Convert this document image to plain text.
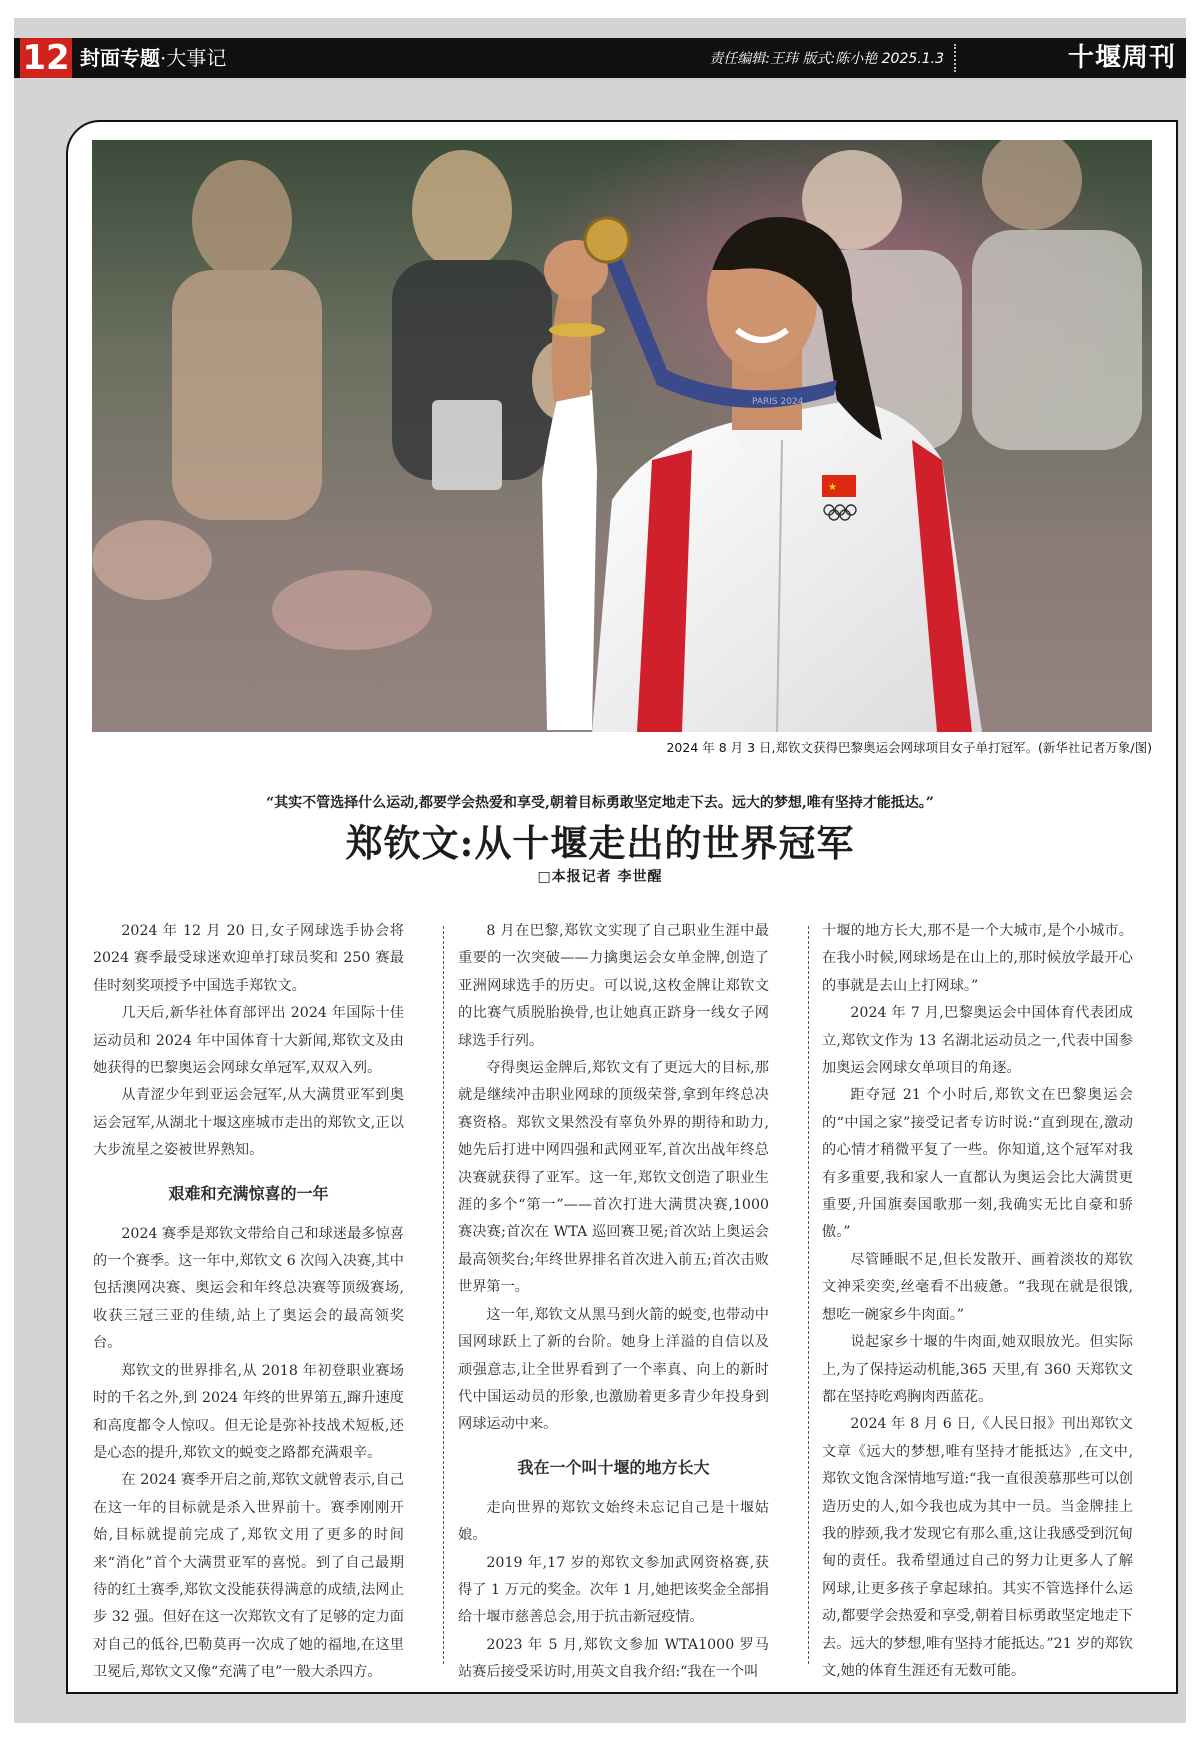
12 封面专题·大事记	责任编辑:王玮 版式:陈小艳 2025.1.3	十堰周刊
★
PARIS 2024
2024 年 8 月 3 日,郑钦文获得巴黎奥运会网球项目女子单打冠军。(新华社记者万象/图)
“其实不管选择什么运动,都要学会热爱和享受,朝着目标勇敢坚定地走下去。远大的梦想,唯有坚持才能抵达。”
郑钦文:从十堰走出的世界冠军
□本报记者 李世醒

2024 年 12 月 20 日,女子网球选手协会将 2024 赛季最受球迷欢迎单打球员奖和 250 赛最佳时刻奖项授予中国选手郑钦文。

几天后,新华社体育部评出 2024 年国际十佳运动员和 2024 年中国体育十大新闻,郑钦文及由她获得的巴黎奥运会网球女单冠军,双双入列。

从青涩少年到亚运会冠军,从大满贯亚军到奥运会冠军,从湖北十堰这座城市走出的郑钦文,正以大步流星之姿被世界熟知。

艰难和充满惊喜的一年

2024 赛季是郑钦文带给自己和球迷最多惊喜的一个赛季。这一年中,郑钦文 6 次闯入决赛,其中包括澳网决赛、奥运会和年终总决赛等顶级赛场,收获三冠三亚的佳绩,站上了奥运会的最高领奖台。

郑钦文的世界排名,从 2018 年初登职业赛场时的千名之外,到 2024 年终的世界第五,蹿升速度和高度都令人惊叹。但无论是弥补技战术短板,还是心态的提升,郑钦文的蜕变之路都充满艰辛。

在 2024 赛季开启之前,郑钦文就曾表示,自己在这一年的目标就是杀入世界前十。赛季刚刚开始,目标就提前完成了,郑钦文用了更多的时间来“消化”首个大满贯亚军的喜悦。到了自己最期待的红土赛季,郑钦文没能获得满意的成绩,法网止步 32 强。但好在这一次郑钦文有了足够的定力面对自己的低谷,巴勒莫再一次成了她的福地,在这里卫冕后,郑钦文又像“充满了电”一般大杀四方。

8 月在巴黎,郑钦文实现了自己职业生涯中最重要的一次突破——力擒奥运会女单金牌,创造了亚洲网球选手的历史。可以说,这枚金牌让郑钦文的比赛气质脱胎换骨,也让她真正跻身一线女子网球选手行列。

夺得奥运金牌后,郑钦文有了更远大的目标,那就是继续冲击职业网球的顶级荣誉,拿到年终总决赛资格。郑钦文果然没有辜负外界的期待和助力,她先后打进中网四强和武网亚军,首次出战年终总决赛就获得了亚军。这一年,郑钦文创造了职业生涯的多个“第一”——首次打进大满贯决赛,1000 赛决赛;首次在 WTA 巡回赛卫冕;首次站上奥运会最高领奖台;年终世界排名首次进入前五;首次击败世界第一。

这一年,郑钦文从黑马到火箭的蜕变,也带动中国网球跃上了新的台阶。她身上洋溢的自信以及顽强意志,让全世界看到了一个率真、向上的新时代中国运动员的形象,也激励着更多青少年投身到网球运动中来。

我在一个叫十堰的地方长大

走向世界的郑钦文始终未忘记自己是十堰姑娘。

2019 年,17 岁的郑钦文参加武网资格赛,获得了 1 万元的奖金。次年 1 月,她把该奖金全部捐给十堰市慈善总会,用于抗击新冠疫情。

2023 年 5 月,郑钦文参加 WTA1000 罗马站赛后接受采访时,用英文自我介绍:“我在一个叫

十堰的地方长大,那不是一个大城市,是个小城市。在我小时候,网球场是在山上的,那时候放学最开心的事就是去山上打网球。”

2024 年 7 月,巴黎奥运会中国体育代表团成立,郑钦文作为 13 名湖北运动员之一,代表中国参加奥运会网球女单项目的角逐。

距夺冠 21 个小时后,郑钦文在巴黎奥运会的“中国之家”接受记者专访时说:“直到现在,激动的心情才稍微平复了一些。你知道,这个冠军对我有多重要,我和家人一直都认为奥运会比大满贯更重要,升国旗奏国歌那一刻,我确实无比自豪和骄傲。”

尽管睡眠不足,但长发散开、画着淡妆的郑钦文神采奕奕,丝毫看不出疲惫。“我现在就是很饿,想吃一碗家乡牛肉面。”

说起家乡十堰的牛肉面,她双眼放光。但实际上,为了保持运动机能,365 天里,有 360 天郑钦文都在坚持吃鸡胸肉西蓝花。

2024 年 8 月 6 日,《人民日报》刊出郑钦文文章《远大的梦想,唯有坚持才能抵达》,在文中,郑钦文饱含深情地写道:“我一直很羡慕那些可以创造历史的人,如今我也成为其中一员。当金牌挂上我的脖颈,我才发现它有那么重,这让我感受到沉甸甸的责任。我希望通过自己的努力让更多人了解网球,让更多孩子拿起球拍。其实不管选择什么运动,都要学会热爱和享受,朝着目标勇敢坚定地走下去。远大的梦想,唯有坚持才能抵达。”21 岁的郑钦文,她的体育生涯还有无数可能。
